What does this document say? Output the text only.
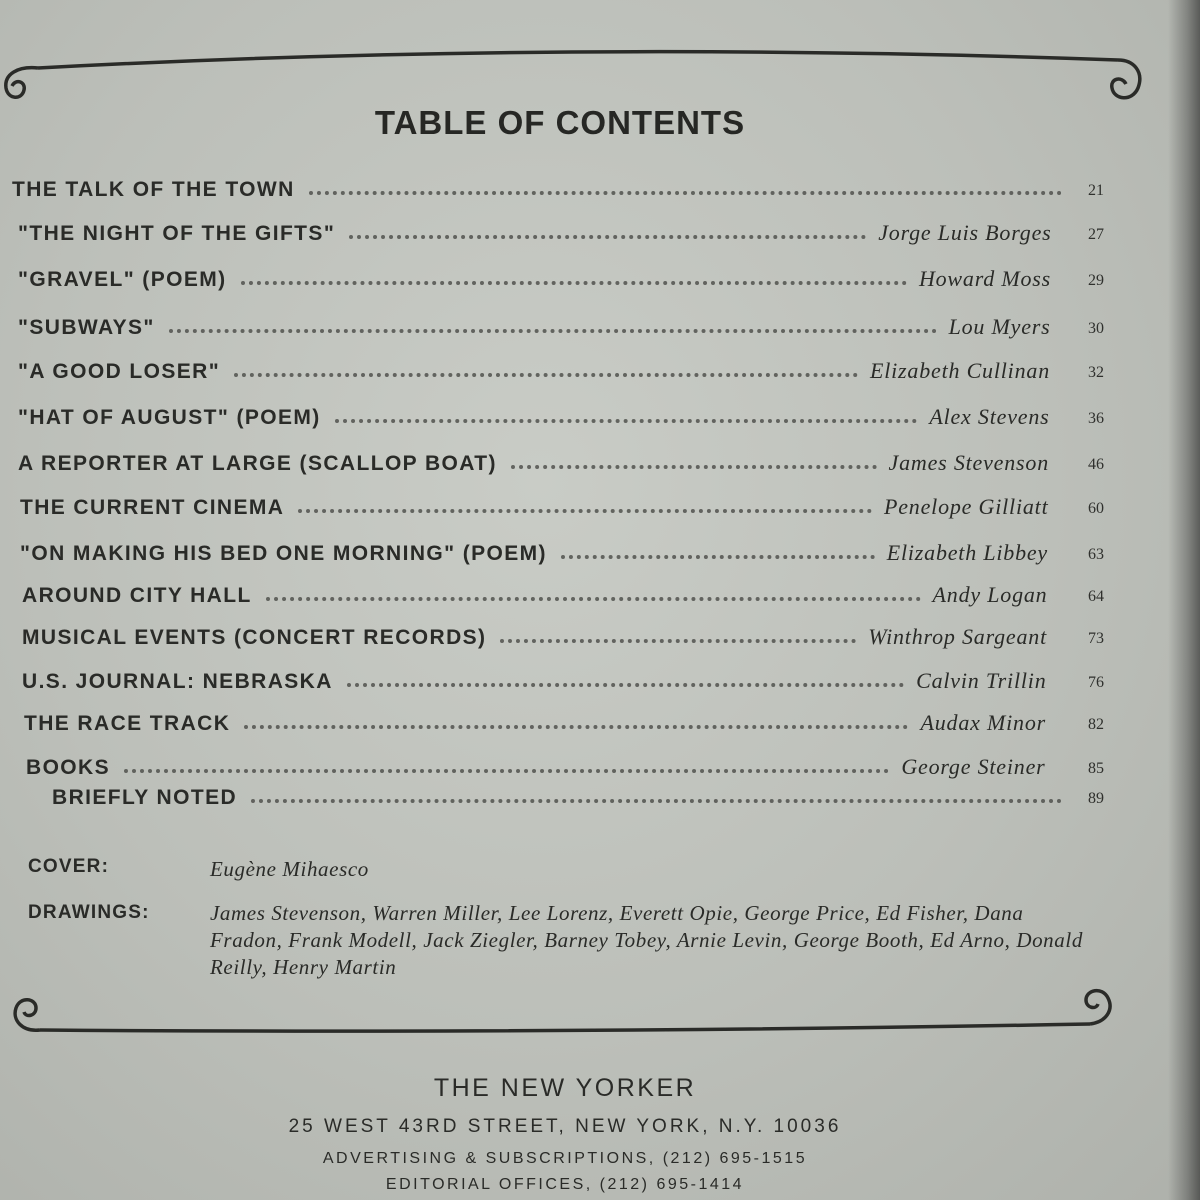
TABLE OF CONTENTS
THE TALK OF THE TOWN	21
"THE NIGHT OF THE GIFTS"	Jorge Luis Borges	27
"GRAVEL" (POEM)	Howard Moss	29
"SUBWAYS"	Lou Myers	30
"A GOOD LOSER"	Elizabeth Cullinan	32
"HAT OF AUGUST" (POEM)	Alex Stevens	36
A REPORTER AT LARGE (SCALLOP BOAT)	James Stevenson	46
THE CURRENT CINEMA	Penelope Gilliatt	60
"ON MAKING HIS BED ONE MORNING" (POEM)	Elizabeth Libbey	63
AROUND CITY HALL	Andy Logan	64
MUSICAL EVENTS (CONCERT RECORDS)	Winthrop Sargeant	73
U.S. JOURNAL: NEBRASKA	Calvin Trillin	76
THE RACE TRACK	Audax Minor	82
BOOKS	George Steiner	85
BRIEFLY NOTED	89
COVER:	Eugène Mihaesco
DRAWINGS:	James Stevenson, Warren Miller, Lee Lorenz, Everett Opie, George Price, Ed Fisher, Dana Fradon, Frank Modell, Jack Ziegler, Barney Tobey, Arnie Levin, George Booth, Ed Arno, Donald Reilly, Henry Martin
THE NEW YORKER
25 WEST 43RD STREET, NEW YORK, N.Y. 10036
ADVERTISING & SUBSCRIPTIONS, (212) 695-1515
EDITORIAL OFFICES, (212) 695-1414
